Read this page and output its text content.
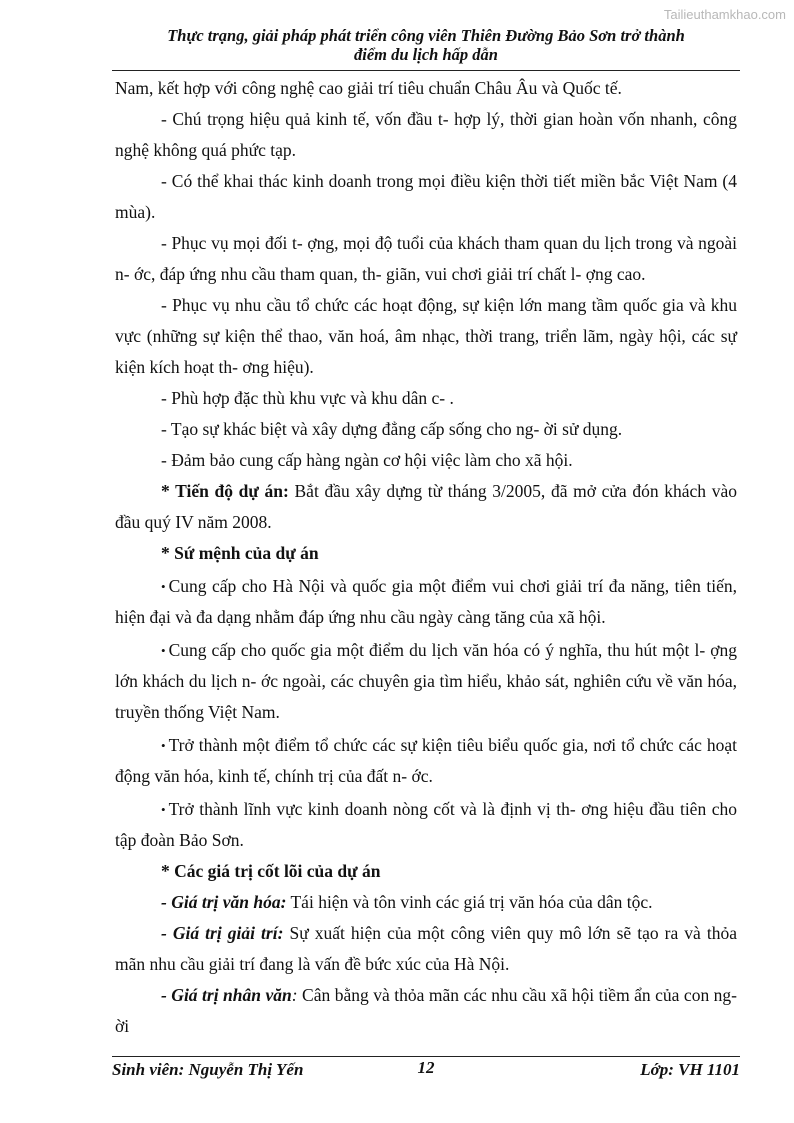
Tailieuthamkhao.com
Thực trạng, giải pháp phát triển công viên Thiên Đường Bảo Sơn trở thành
điểm du lịch hấp dẫn

Nam, kết hợp với công nghệ cao giải trí tiêu chuẩn Châu Âu và Quốc tế.

- Chú trọng hiệu quả kinh tế, vốn đầu t- hợp lý, thời gian hoàn vốn nhanh, công nghệ không quá phức tạp.

- Có thể khai thác kinh doanh trong mọi điều kiện thời tiết miền bắc Việt Nam (4 mùa).

- Phục vụ mọi đối t- ợng, mọi độ tuổi của khách tham quan du lịch trong và ngoài n- ớc, đáp ứng nhu cầu tham quan, th- giãn, vui chơi giải trí chất l- ợng cao.

- Phục vụ nhu cầu tổ chức các hoạt động, sự kiện lớn mang tầm quốc gia và khu vực (những sự kiện thể thao, văn hoá, âm nhạc, thời trang, triển lãm, ngày hội, các sự kiện kích hoạt th- ơng hiệu).

- Phù hợp đặc thù khu vực và khu dân c- .

- Tạo sự khác biệt và xây dựng đẳng cấp sống cho ng- ời sử dụng.

- Đảm bảo cung cấp hàng ngàn cơ hội việc làm cho xã hội.

* Tiến độ dự án: Bắt đầu xây dựng từ tháng 3/2005, đã mở cửa đón khách vào đầu quý IV năm 2008.

* Sứ mệnh của dự án

• Cung cấp cho Hà Nội và quốc gia một điểm vui chơi giải trí đa năng, tiên tiến, hiện đại và đa dạng nhằm đáp ứng nhu cầu ngày càng tăng của xã hội.

• Cung cấp cho quốc gia một điểm du lịch văn hóa có ý nghĩa, thu hút một l- ợng lớn khách du lịch n- ớc ngoài, các chuyên gia tìm hiểu, khảo sát, nghiên cứu về văn hóa, truyền thống Việt Nam.

• Trở thành một điểm tổ chức các sự kiện tiêu biểu quốc gia, nơi tổ chức các hoạt động văn hóa, kinh tế, chính trị của đất n- ớc.

• Trở thành lĩnh vực kinh doanh nòng cốt và là định vị th- ơng hiệu đầu tiên cho tập đoàn Bảo Sơn.

* Các giá trị cốt lõi của dự án

- Giá trị văn hóa: Tái hiện và tôn vinh các giá trị văn hóa của dân tộc.

- Giá trị giải trí: Sự xuất hiện của một công viên quy mô lớn sẽ tạo ra và thỏa mãn nhu cầu giải trí đang là vấn đề bức xúc của Hà Nội.

- Giá trị nhân văn: Cân bằng và thỏa mãn các nhu cầu xã hội tiềm ẩn của con ng- ời

Sinh viên: Nguyễn Thị Yến	12	Lớp: VH 1101
